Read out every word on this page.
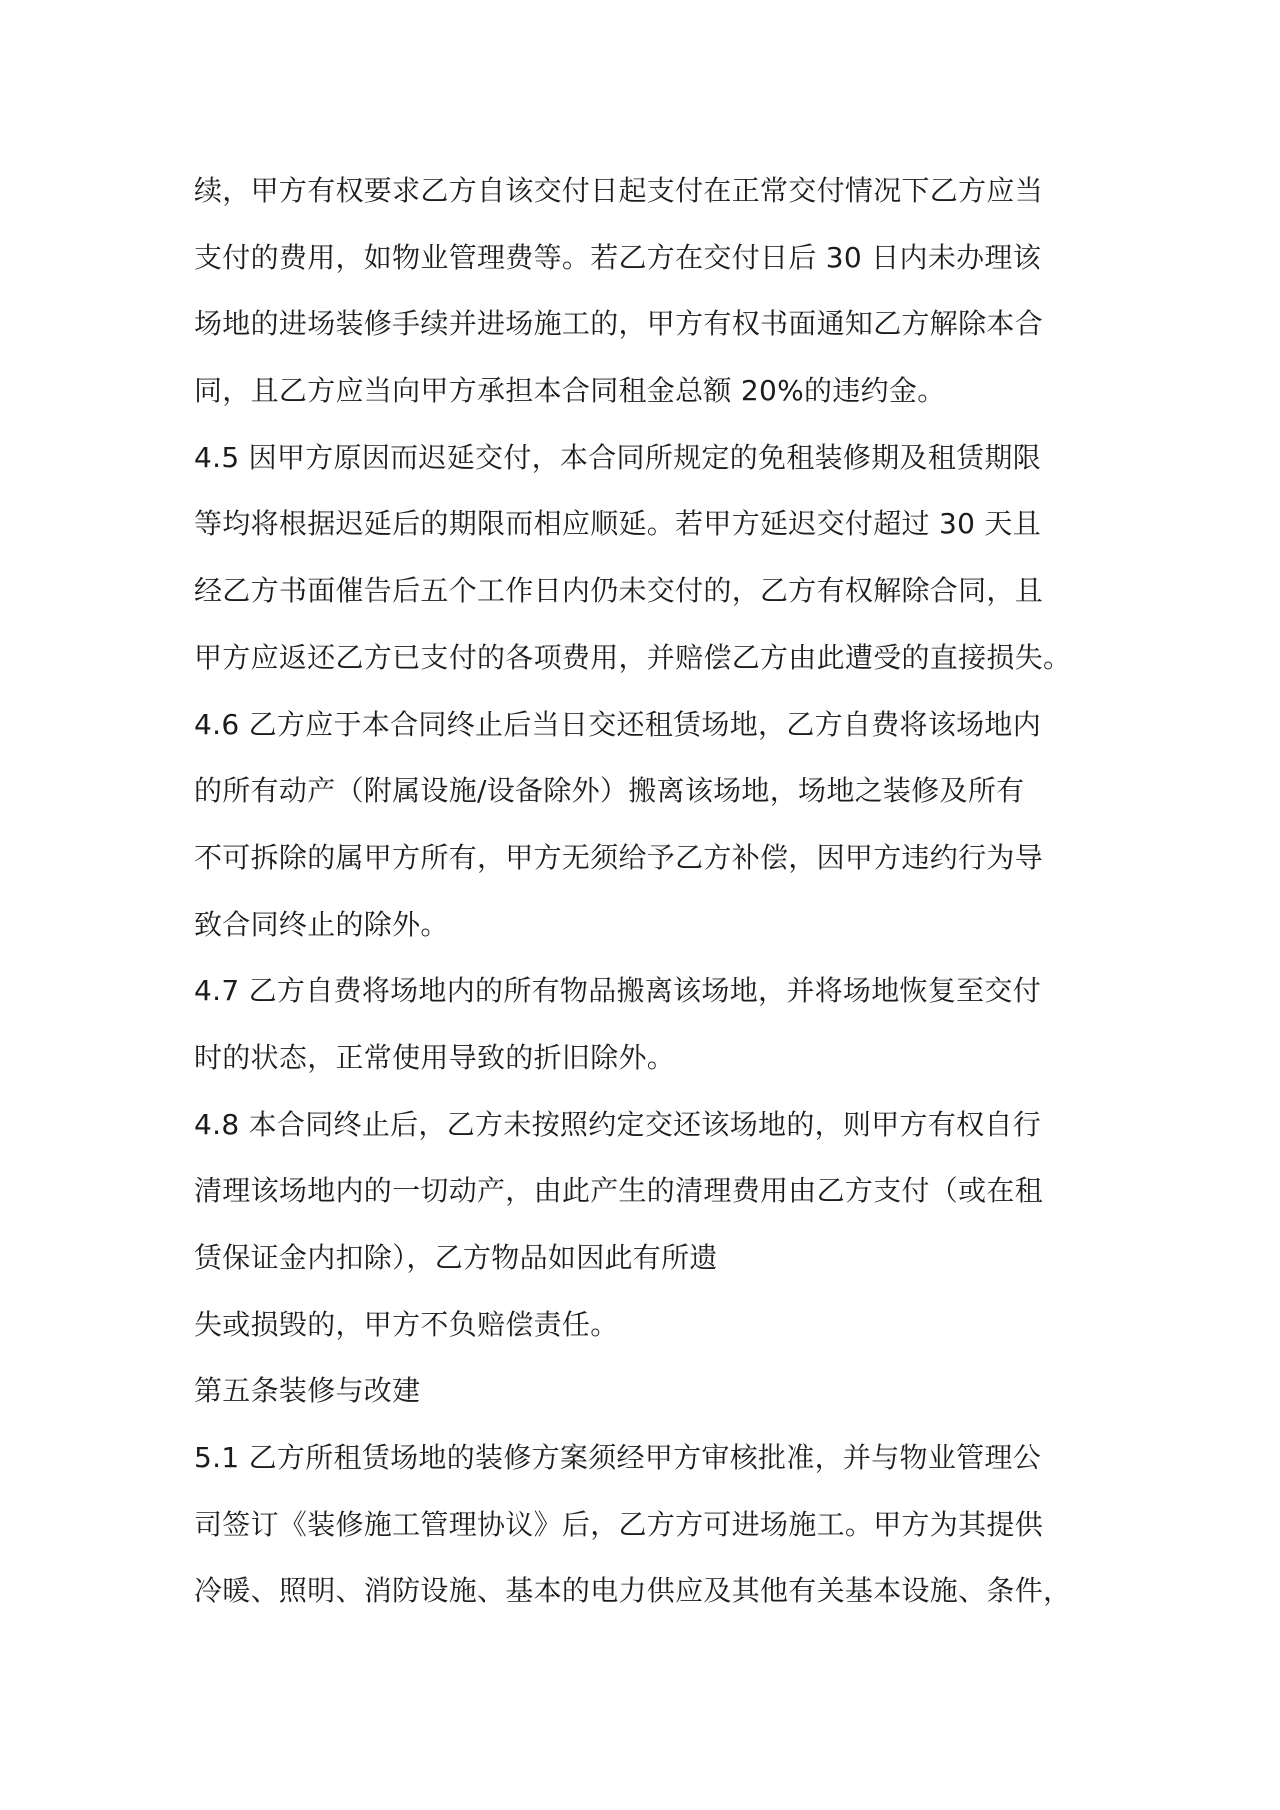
续，甲方有权要求乙方自该交付日起支付在正常交付情况下乙方应当
支付的费用，如物业管理费等。若乙方在交付日后 30 日内未办理该
场地的进场装修手续并进场施工的，甲方有权书面通知乙方解除本合
同，且乙方应当向甲方承担本合同租金总额 20%的违约金。
4.5 因甲方原因而迟延交付，本合同所规定的免租装修期及租赁期限
等均将根据迟延后的期限而相应顺延。若甲方延迟交付超过 30 天且
经乙方书面催告后五个工作日内仍未交付的，乙方有权解除合同，且
甲方应返还乙方已支付的各项费用，并赔偿乙方由此遭受的直接损失。
4.6 乙方应于本合同终止后当日交还租赁场地，乙方自费将该场地内
的所有动产（附属设施/设备除外）搬离该场地，场地之装修及所有
不可拆除的属甲方所有，甲方无须给予乙方补偿，因甲方违约行为导
致合同终止的除外。
4.7 乙方自费将场地内的所有物品搬离该场地，并将场地恢复至交付
时的状态，正常使用导致的折旧除外。
4.8 本合同终止后，乙方未按照约定交还该场地的，则甲方有权自行
清理该场地内的一切动产，由此产生的清理费用由乙方支付（或在租
赁保证金内扣除），乙方物品如因此有所遗
失或损毁的，甲方不负赔偿责任。
第五条装修与改建
5.1 乙方所租赁场地的装修方案须经甲方审核批准，并与物业管理公
司签订《装修施工管理协议》后，乙方方可进场施工。甲方为其提供
冷暖、照明、消防设施、基本的电力供应及其他有关基本设施、条件，
